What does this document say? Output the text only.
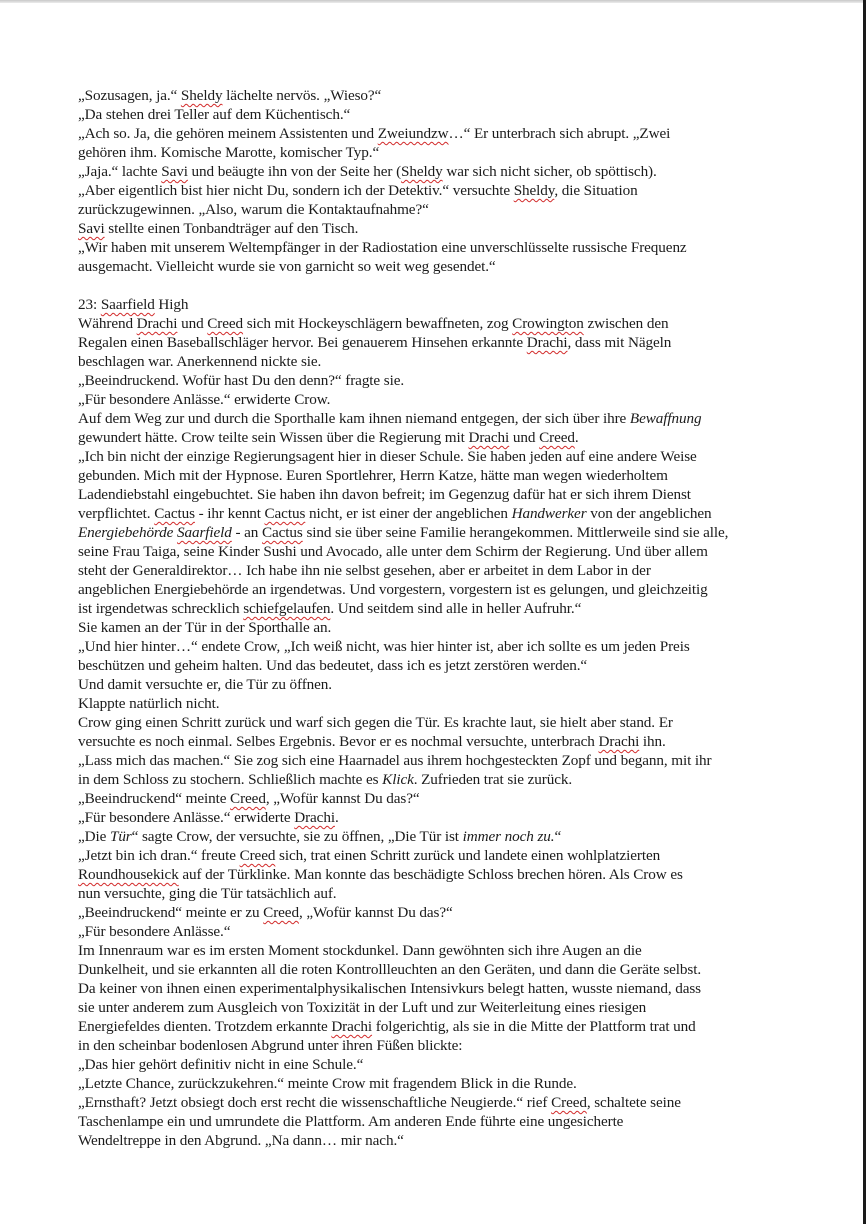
„Sozusagen, ja.“ Sheldy lächelte nervös. „Wieso?“
„Da stehen drei Teller auf dem Küchentisch.“
„Ach so. Ja, die gehören meinem Assistenten und Zweiundzw…“ Er unterbrach sich abrupt. „Zwei
gehören ihm. Komische Marotte, komischer Typ.“
„Jaja.“ lachte Savi und beäugte ihn von der Seite her (Sheldy war sich nicht sicher, ob spöttisch).
„Aber eigentlich bist hier nicht Du, sondern ich der Detektiv.“ versuchte Sheldy, die Situation
zurückzugewinnen. „Also, warum die Kontaktaufnahme?“
Savi stellte einen Tonbandträger auf den Tisch.
„Wir haben mit unserem Weltempfänger in der Radiostation eine unverschlüsselte russische Frequenz
ausgemacht. Vielleicht wurde sie von garnicht so weit weg gesendet.“
23: Saarfield High
Während Drachi und Creed sich mit Hockeyschlägern bewaffneten, zog Crowington zwischen den
Regalen einen Baseballschläger hervor. Bei genauerem Hinsehen erkannte Drachi, dass mit Nägeln
beschlagen war. Anerkennend nickte sie.
„Beeindruckend. Wofür hast Du den denn?“ fragte sie.
„Für besondere Anlässe.“ erwiderte Crow.
Auf dem Weg zur und durch die Sporthalle kam ihnen niemand entgegen, der sich über ihre Bewaffnung
gewundert hätte. Crow teilte sein Wissen über die Regierung mit Drachi und Creed.
„Ich bin nicht der einzige Regierungsagent hier in dieser Schule. Sie haben jeden auf eine andere Weise
gebunden. Mich mit der Hypnose. Euren Sportlehrer, Herrn Katze, hätte man wegen wiederholtem
Ladendiebstahl eingebuchtet. Sie haben ihn davon befreit; im Gegenzug dafür hat er sich ihrem Dienst
verpflichtet. Cactus - ihr kennt Cactus nicht, er ist einer der angeblichen Handwerker von der angeblichen
Energiebehörde Saarfield - an Cactus sind sie über seine Familie herangekommen. Mittlerweile sind sie alle,
seine Frau Taiga, seine Kinder Sushi und Avocado, alle unter dem Schirm der Regierung. Und über allem
steht der Generaldirektor… Ich habe ihn nie selbst gesehen, aber er arbeitet in dem Labor in der
angeblichen Energiebehörde an irgendetwas. Und vorgestern, vorgestern ist es gelungen, und gleichzeitig
ist irgendetwas schrecklich schiefgelaufen. Und seitdem sind alle in heller Aufruhr.“
Sie kamen an der Tür in der Sporthalle an.
„Und hier hinter…“ endete Crow, „Ich weiß nicht, was hier hinter ist, aber ich sollte es um jeden Preis
beschützen und geheim halten. Und das bedeutet, dass ich es jetzt zerstören werden.“
Und damit versuchte er, die Tür zu öffnen.
Klappte natürlich nicht.
Crow ging einen Schritt zurück und warf sich gegen die Tür. Es krachte laut, sie hielt aber stand. Er
versuchte es noch einmal. Selbes Ergebnis. Bevor er es nochmal versuchte, unterbrach Drachi ihn.
„Lass mich das machen.“ Sie zog sich eine Haarnadel aus ihrem hochgesteckten Zopf und begann, mit ihr
in dem Schloss zu stochern. Schließlich machte es Klick. Zufrieden trat sie zurück.
„Beeindruckend“ meinte Creed, „Wofür kannst Du das?“
„Für besondere Anlässe.“ erwiderte Drachi.
„Die Tür“ sagte Crow, der versuchte, sie zu öffnen, „Die Tür ist immer noch zu.“
„Jetzt bin ich dran.“ freute Creed sich, trat einen Schritt zurück und landete einen wohlplatzierten
Roundhousekick auf der Türklinke. Man konnte das beschädigte Schloss brechen hören. Als Crow es
nun versuchte, ging die Tür tatsächlich auf.
„Beeindruckend“ meinte er zu Creed, „Wofür kannst Du das?“
„Für besondere Anlässe.“
Im Innenraum war es im ersten Moment stockdunkel. Dann gewöhnten sich ihre Augen an die
Dunkelheit, und sie erkannten all die roten Kontrollleuchten an den Geräten, und dann die Geräte selbst.
Da keiner von ihnen einen experimentalphysikalischen Intensivkurs belegt hatten, wusste niemand, dass
sie unter anderem zum Ausgleich von Toxizität in der Luft und zur Weiterleitung eines riesigen
Energiefeldes dienten. Trotzdem erkannte Drachi folgerichtig, als sie in die Mitte der Plattform trat und
in den scheinbar bodenlosen Abgrund unter ihren Füßen blickte:
„Das hier gehört definitiv nicht in eine Schule.“
„Letzte Chance, zurückzukehren.“ meinte Crow mit fragendem Blick in die Runde.
„Ernsthaft? Jetzt obsiegt doch erst recht die wissenschaftliche Neugierde.“ rief Creed, schaltete seine
Taschenlampe ein und umrundete die Plattform. Am anderen Ende führte eine ungesicherte
Wendeltreppe in den Abgrund. „Na dann… mir nach.“
